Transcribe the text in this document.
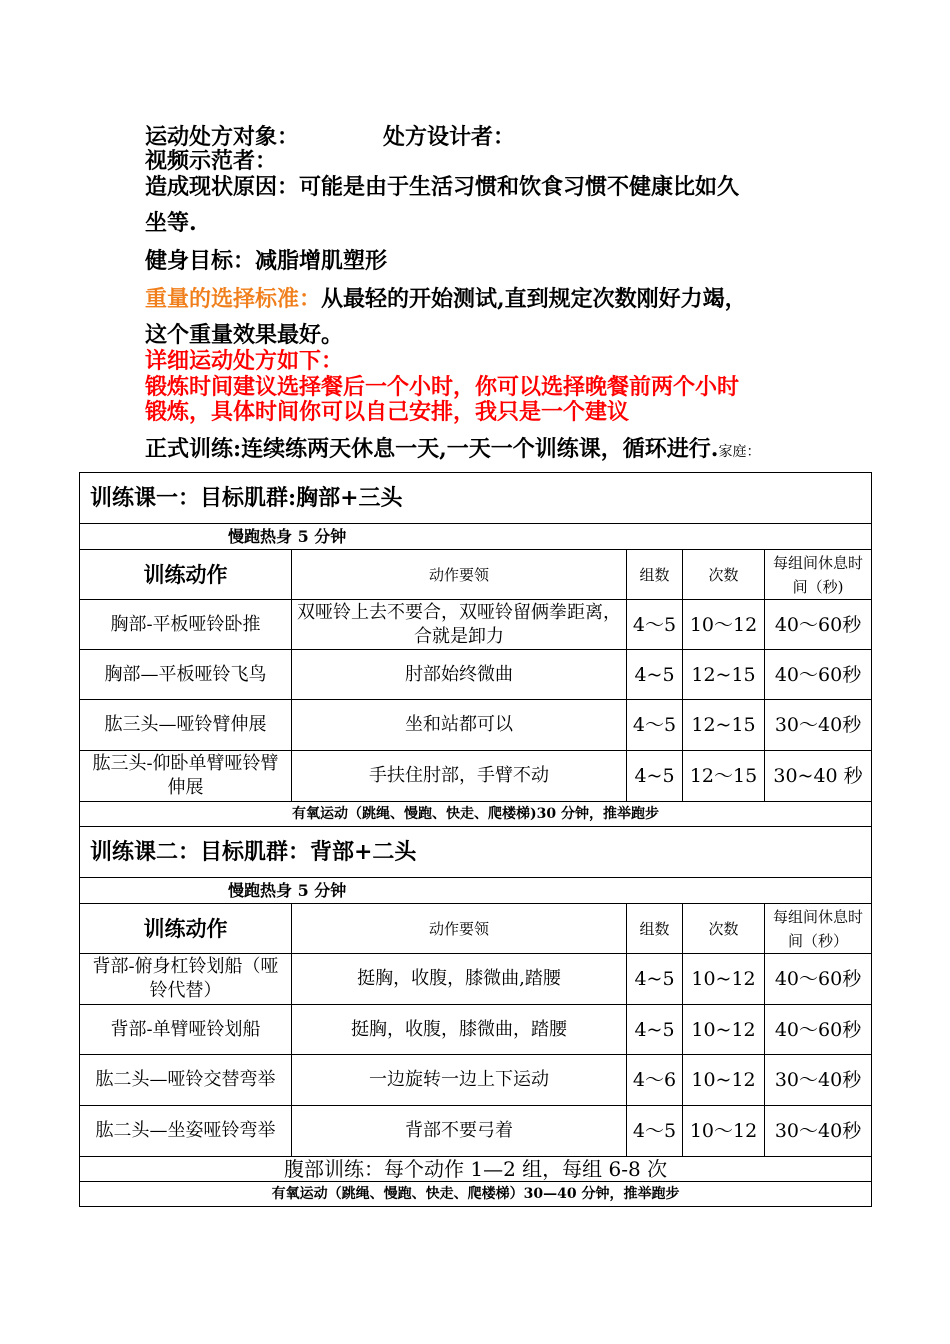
运动处方对象：	处方设计者：
视频示范者：
造成现状原因：可能是由于生活习惯和饮食习惯不健康比如久
坐等.
健身目标：减脂增肌塑形
重量的选择标准：从最轻的开始测试,直到规定次数刚好力竭，
这个重量效果最好。
详细运动处方如下：
锻炼时间建议选择餐后一个小时，你可以选择晚餐前两个小时
锻炼，具体时间你可以自己安排，我只是一个建议
正式训练:连续练两天休息一天,一天一个训练课，循环进行.家庭：
训练课一：目标肌群:胸部+三头				
慢跑热身 5 分钟				
训练动作	动作要领	组数	次数	每组间休息时间（秒)
胸部-平板哑铃卧推	双哑铃上去不要合，双哑铃留俩拳距离，合就是卸力	4～5	10～12	40～60秒
胸部—平板哑铃飞鸟	肘部始终微曲	4~5	12~15	40～60秒
肱三头—哑铃臂伸展	坐和站都可以	4～5	12~15	30～40秒
肱三头-仰卧单臂哑铃臂伸展	手扶住肘部，手臂不动	4~5	12～15	30~40 秒
有氧运动（跳绳、慢跑、快走、爬楼梯)30 分钟，推举跑步				
训练课二：目标肌群：背部+二头				
慢跑热身 5 分钟				
训练动作	动作要领	组数	次数	每组间休息时间（秒）
背部-俯身杠铃划船（哑铃代替）	挺胸，收腹，膝微曲,踏腰	4~5	10~12	40～60秒
背部-单臂哑铃划船	挺胸，收腹，膝微曲，踏腰	4~5	10~12	40～60秒
肱二头—哑铃交替弯举	一边旋转一边上下运动	4～6	10~12	30～40秒
肱二头—坐姿哑铃弯举	背部不要弓着	4～5	10～12	30～40秒
腹部训练：每个动作 1—2 组，每组 6-8 次				
有氧运动（跳绳、慢跑、快走、爬楼梯）30—40 分钟，推举跑步				
